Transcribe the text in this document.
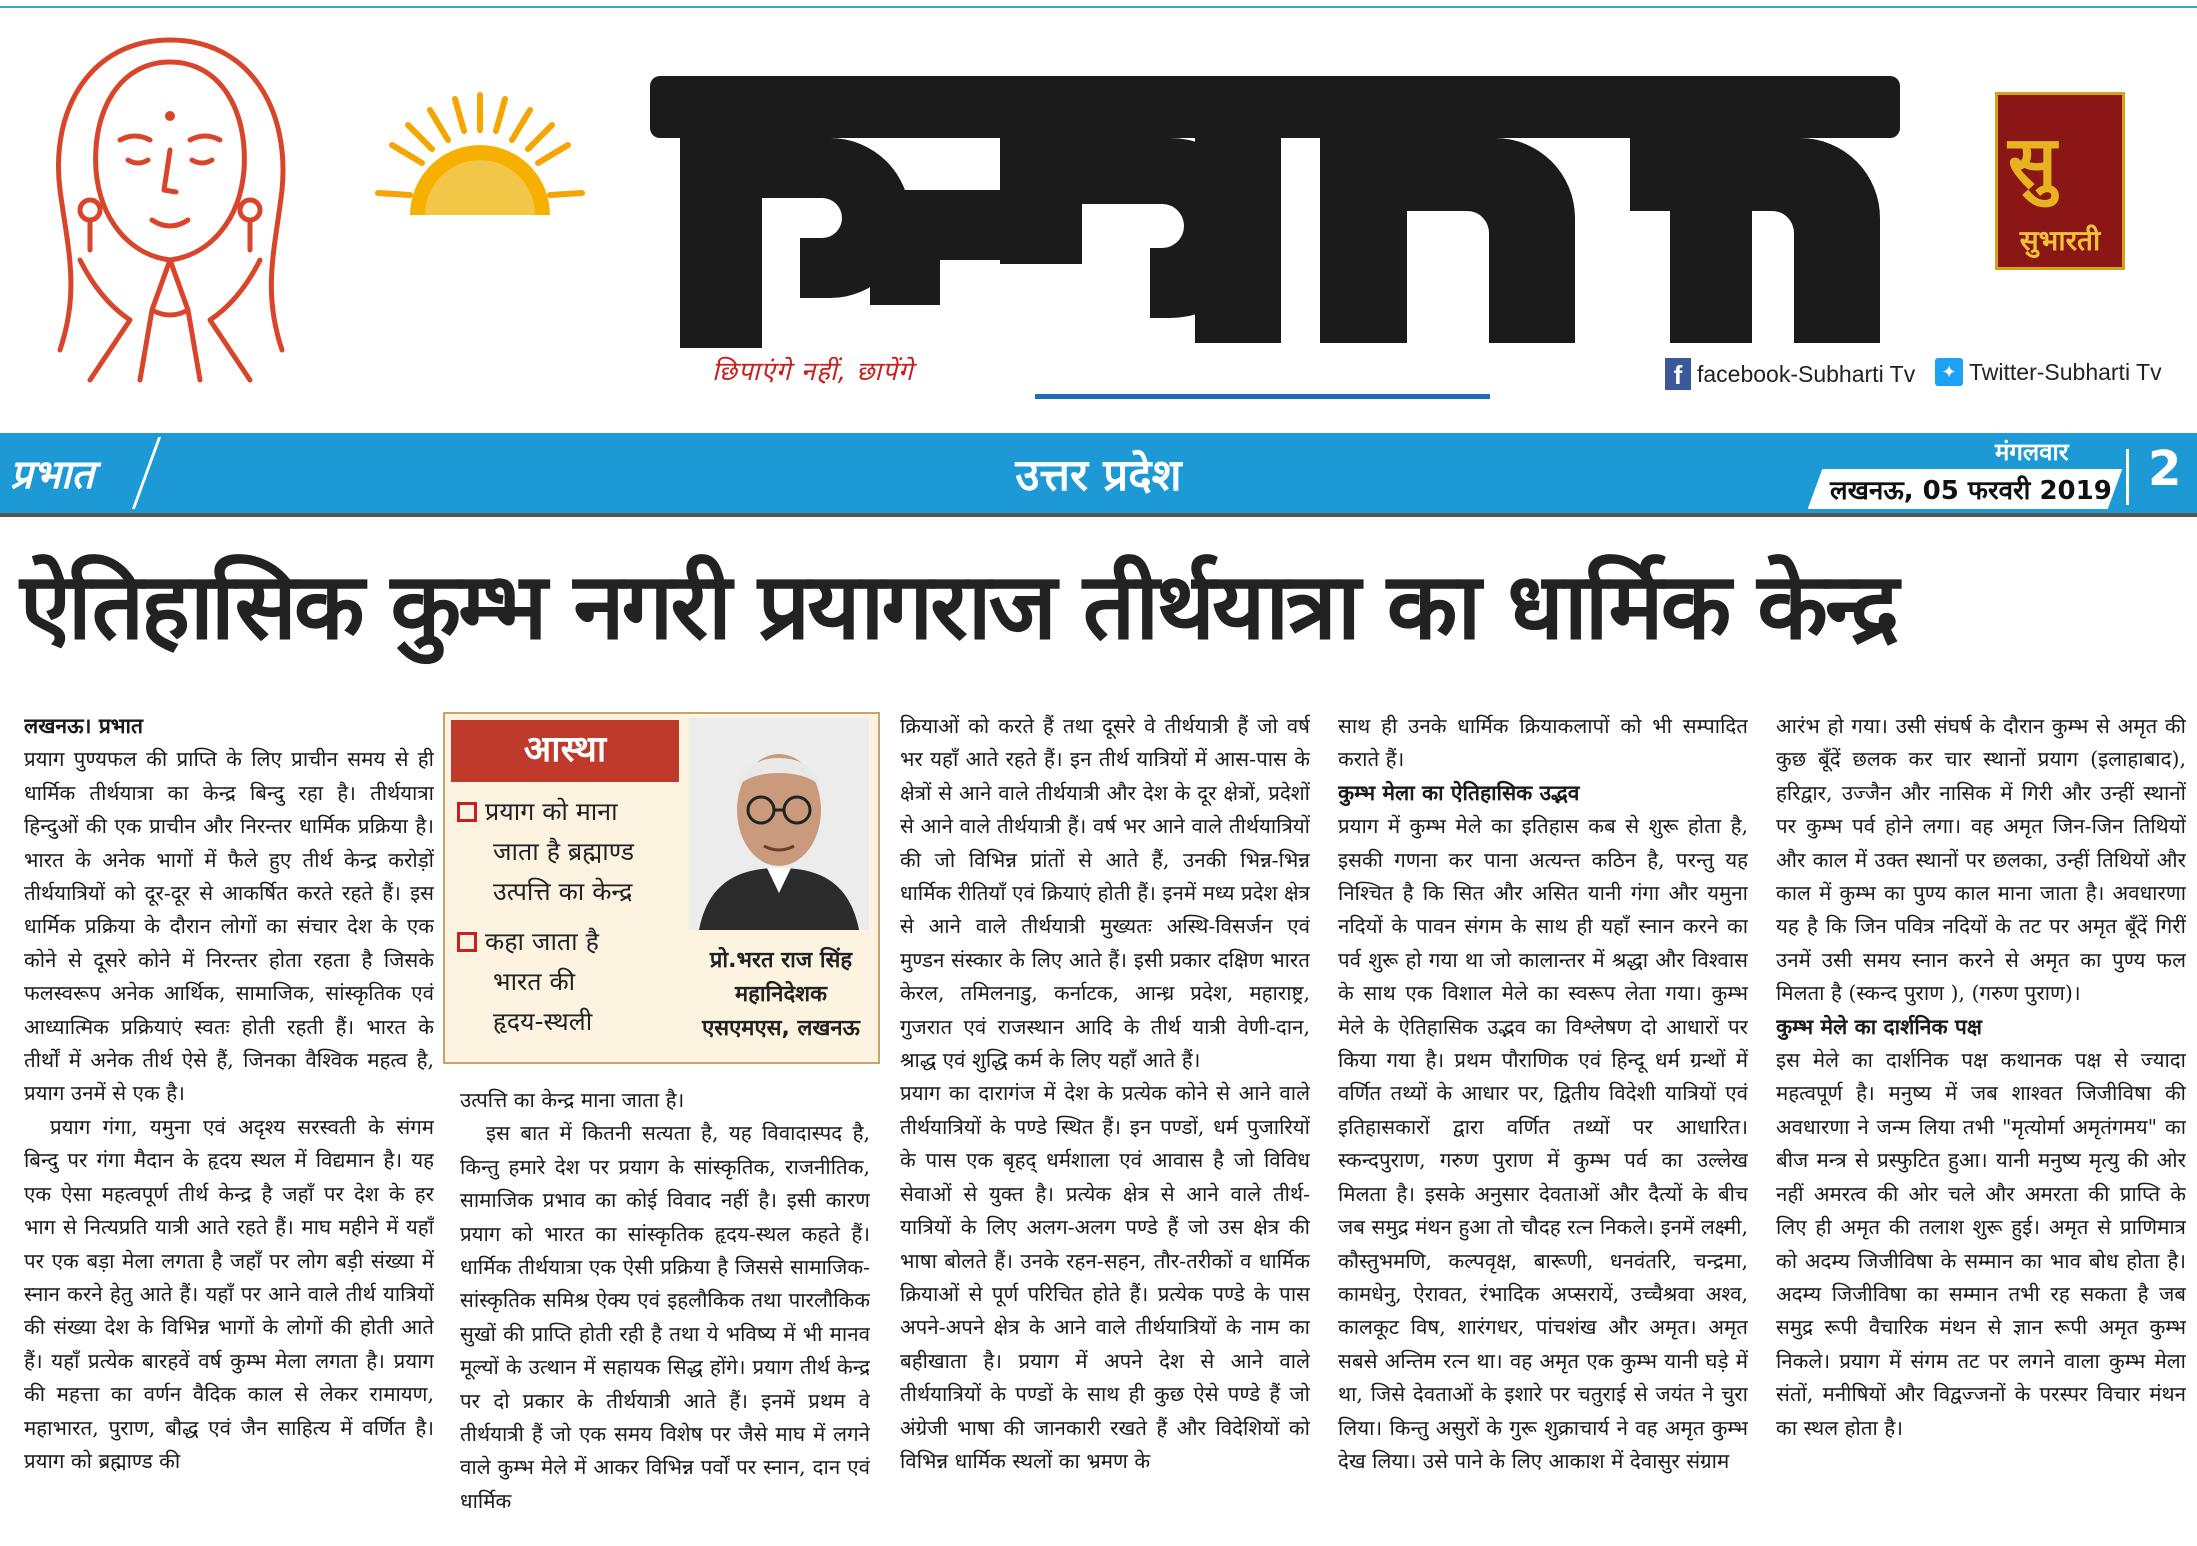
छिपाएंगे नहीं, छापेंगे
सु
सुभारती
f facebook-Subharti Tv	✦ Twitter-Subharti Tv
प्रभात	उत्तर प्रदेश	मंगलवार
लखनऊ, 05 फरवरी 2019 2
ऐतिहासिक कुम्भ नगरी प्रयागराज तीर्थयात्रा का धार्मिक केन्द्र
लखनऊ। प्रभात

प्रयाग पुण्यफल की प्राप्ति के लिए प्राचीन समय से ही धार्मिक तीर्थयात्रा का केन्द्र बिन्दु रहा है। तीर्थयात्रा हिन्दुओं की एक प्राचीन और निरन्तर धार्मिक प्रक्रिया है। भारत के अनेक भागों में फैले हुए तीर्थ केन्द्र करोड़ों तीर्थयात्रियों को दूर-दूर से आकर्षित करते रहते हैं। इस धार्मिक प्रक्रिया के दौरान लोगों का संचार देश के एक कोने से दूसरे कोने में निरन्तर होता रहता है जिसके फलस्वरूप अनेक आर्थिक, सामाजिक, सांस्कृतिक एवं आध्यात्मिक प्रक्रियाएं स्वतः होती रहती हैं। भारत के तीर्थों में अनेक तीर्थ ऐसे हैं, जिनका वैश्विक महत्व है, प्रयाग उनमें से एक है।

प्रयाग गंगा, यमुना एवं अदृश्य सरस्वती के संगम बिन्दु पर गंगा मैदान के हृदय स्थल में विद्यमान है। यह एक ऐसा महत्वपूर्ण तीर्थ केन्द्र है जहाँ पर देश के हर भाग से नित्यप्रति यात्री आते रहते हैं। माघ महीने में यहाँ पर एक बड़ा मेला लगता है जहाँ पर लोग बड़ी संख्या में स्नान करने हेतु आते हैं। यहाँ पर आने वाले तीर्थ यात्रियों की संख्या देश के विभिन्न भागों के लोगों की होती आते हैं। यहाँ प्रत्येक बारहवें वर्ष कुम्भ मेला लगता है। प्रयाग की महत्ता का वर्णन वैदिक काल से लेकर रामायण, महाभारत, पुराण, बौद्ध एवं जैन साहित्य में वर्णित है। प्रयाग को ब्रह्माण्ड की

आस्था
प्रयाग को माना
जाता है ब्रह्माण्ड
उत्पत्ति का केन्द्र
कहा जाता है
भारत की
हृदय-स्थली
प्रो.भरत राज सिंह
महानिदेशक
एसएमएस, लखनऊ

उत्पत्ति का केन्द्र माना जाता है।

इस बात में कितनी सत्यता है, यह विवादास्पद है, किन्तु हमारे देश पर प्रयाग के सांस्कृतिक, राजनीतिक, सामाजिक प्रभाव का कोई विवाद नहीं है। इसी कारण प्रयाग को भारत का सांस्कृतिक हृदय-स्थल कहते हैं। धार्मिक तीर्थयात्रा एक ऐसी प्रक्रिया है जिससे सामाजिक-सांस्कृतिक समिश्र ऐक्य एवं इहलौकिक तथा पारलौकिक सुखों की प्राप्ति होती रही है तथा ये भविष्य में भी मानव मूल्यों के उत्थान में सहायक सिद्ध होंगे। प्रयाग तीर्थ केन्द्र पर दो प्रकार के तीर्थयात्री आते हैं। इनमें प्रथम वे तीर्थयात्री हैं जो एक समय विशेष पर जैसे माघ में लगने वाले कुम्भ मेले में आकर विभिन्न पर्वों पर स्नान, दान एवं धार्मिक

क्रियाओं को करते हैं तथा दूसरे वे तीर्थयात्री हैं जो वर्ष भर यहाँ आते रहते हैं। इन तीर्थ यात्रियों में आस-पास के क्षेत्रों से आने वाले तीर्थयात्री और देश के दूर क्षेत्रों, प्रदेशों से आने वाले तीर्थयात्री हैं। वर्ष भर आने वाले तीर्थयात्रियों की जो विभिन्न प्रांतों से आते हैं, उनकी भिन्न-भिन्न धार्मिक रीतियाँ एवं क्रियाएं होती हैं। इनमें मध्य प्रदेश क्षेत्र से आने वाले तीर्थयात्री मुख्यतः अस्थि-विसर्जन एवं मुण्डन संस्कार के लिए आते हैं। इसी प्रकार दक्षिण भारत केरल, तमिलनाडु, कर्नाटक, आन्ध्र प्रदेश, महाराष्ट्र, गुजरात एवं राजस्थान आदि के तीर्थ यात्री वेणी-दान, श्राद्ध एवं शुद्धि कर्म के लिए यहाँ आते हैं।

प्रयाग का दारागंज में देश के प्रत्येक कोने से आने वाले तीर्थयात्रियों के पण्डे स्थित हैं। इन पण्डों, धर्म पुजारियों के पास एक बृहद् धर्मशाला एवं आवास है जो विविध सेवाओं से युक्त है। प्रत्येक क्षेत्र से आने वाले तीर्थ-यात्रियों के लिए अलग-अलग पण्डे हैं जो उस क्षेत्र की भाषा बोलते हैं। उनके रहन-सहन, तौर-तरीकों व धार्मिक क्रियाओं से पूर्ण परिचित होते हैं। प्रत्येक पण्डे के पास अपने-अपने क्षेत्र के आने वाले तीर्थयात्रियों के नाम का बहीखाता है। प्रयाग में अपने देश से आने वाले तीर्थयात्रियों के पण्डों के साथ ही कुछ ऐसे पण्डे हैं जो अंग्रेजी भाषा की जानकारी रखते हैं और विदेशियों को विभिन्न धार्मिक स्थलों का भ्रमण के

साथ ही उनके धार्मिक क्रियाकलापों को भी सम्पादित कराते हैं।

कुम्भ मेला का ऐतिहासिक उद्भव

प्रयाग में कुम्भ मेले का इतिहास कब से शुरू होता है, इसकी गणना कर पाना अत्यन्त कठिन है, परन्तु यह निश्चित है कि सित और असित यानी गंगा और यमुना नदियों के पावन संगम के साथ ही यहाँ स्नान करने का पर्व शुरू हो गया था जो कालान्तर में श्रद्धा और विश्वास के साथ एक विशाल मेले का स्वरूप लेता गया। कुम्भ मेले के ऐतिहासिक उद्भव का विश्लेषण दो आधारों पर किया गया है। प्रथम पौराणिक एवं हिन्दू धर्म ग्रन्थों में वर्णित तथ्यों के आधार पर, द्वितीय विदेशी यात्रियों एवं इतिहासकारों द्वारा वर्णित तथ्यों पर आधारित। स्कन्दपुराण, गरुण पुराण में कुम्भ पर्व का उल्लेख मिलता है। इसके अनुसार देवताओं और दैत्यों के बीच जब समुद्र मंथन हुआ तो चौदह रत्न निकले। इनमें लक्ष्मी, कौस्तुभमणि, कल्पवृक्ष, बारूणी, धनवंतरि, चन्द्रमा, कामधेनु, ऐरावत, रंभादिक अप्सरायें, उच्चैश्रवा अश्व, कालकूट विष, शारंगधर, पांचशंख और अमृत। अमृत सबसे अन्तिम रत्न था। वह अमृत एक कुम्भ यानी घड़े में था, जिसे देवताओं के इशारे पर चतुराई से जयंत ने चुरा लिया। किन्तु असुरों के गुरू शुक्राचार्य ने वह अमृत कुम्भ देख लिया। उसे पाने के लिए आकाश में देवासुर संग्राम

आरंभ हो गया। उसी संघर्ष के दौरान कुम्भ से अमृत की कुछ बूँदें छलक कर चार स्थानों प्रयाग (इलाहाबाद), हरिद्वार, उज्जैन और नासिक में गिरी और उन्हीं स्थानों पर कुम्भ पर्व होने लगा। वह अमृत जिन-जिन तिथियों और काल में उक्त स्थानों पर छलका, उन्हीं तिथियों और काल में कुम्भ का पुण्य काल माना जाता है। अवधारणा यह है कि जिन पवित्र नदियों के तट पर अमृत बूँदें गिरीं उनमें उसी समय स्नान करने से अमृत का पुण्य फल मिलता है (स्कन्द पुराण ), (गरुण पुराण)।

कुम्भ मेले का दार्शनिक पक्ष

इस मेले का दार्शनिक पक्ष कथानक पक्ष से ज्यादा महत्वपूर्ण है। मनुष्य में जब शाश्वत जिजीविषा की अवधारणा ने जन्म लिया तभी "मृत्योर्मा अमृतंगमय" का बीज मन्त्र से प्रस्फुटित हुआ। यानी मनुष्य मृत्यु की ओर नहीं अमरत्व की ओर चले और अमरता की प्राप्ति के लिए ही अमृत की तलाश शुरू हुई। अमृत से प्राणिमात्र को अदम्य जिजीविषा के सम्मान का भाव बोध होता है। अदम्य जिजीविषा का सम्मान तभी रह सकता है जब समुद्र रूपी वैचारिक मंथन से ज्ञान रूपी अमृत कुम्भ निकले। प्रयाग में संगम तट पर लगने वाला कुम्भ मेला संतों, मनीषियों और विद्वज्जनों के परस्पर विचार मंथन का स्थल होता है।
